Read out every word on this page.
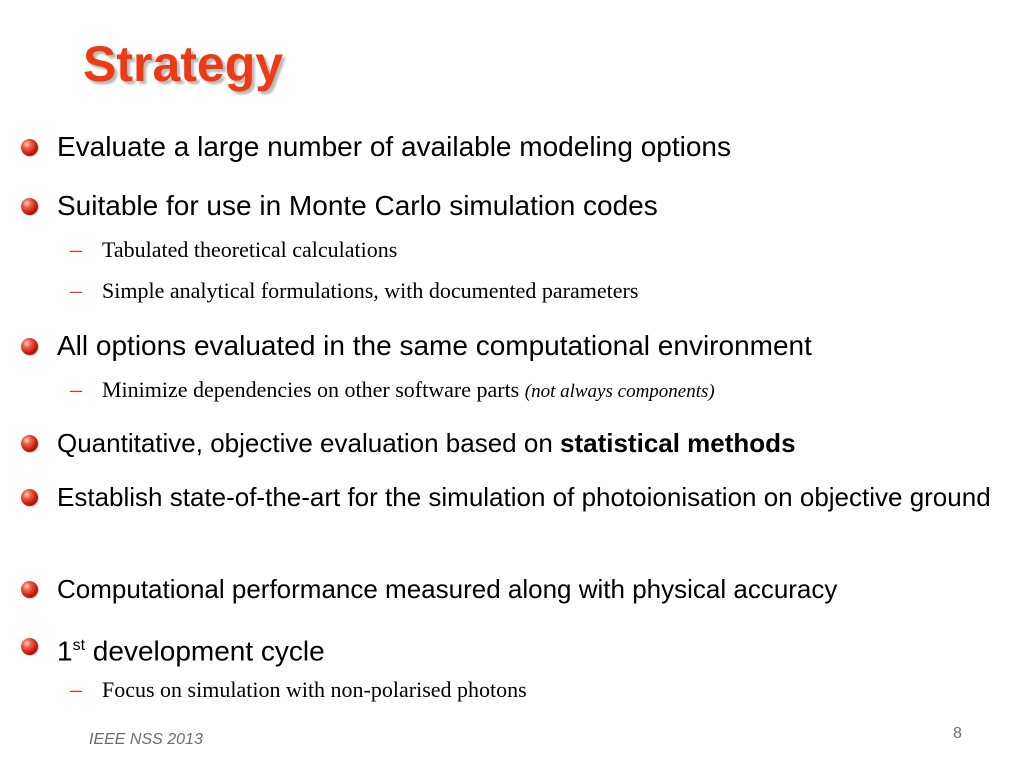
Strategy
Evaluate a large number of available modeling options
Suitable for use in Monte Carlo simulation codes
– Tabulated theoretical calculations
– Simple analytical formulations, with documented parameters
All options evaluated in the same computational environment
– Minimize dependencies on other software parts (not always components)
Quantitative, objective evaluation based on statistical methods
Establish state-of-the-art for the simulation of photoionisation on objective ground
Computational performance measured along with physical accuracy
1st development cycle
– Focus on simulation with non-polarised photons
IEEE NSS 2013	8
